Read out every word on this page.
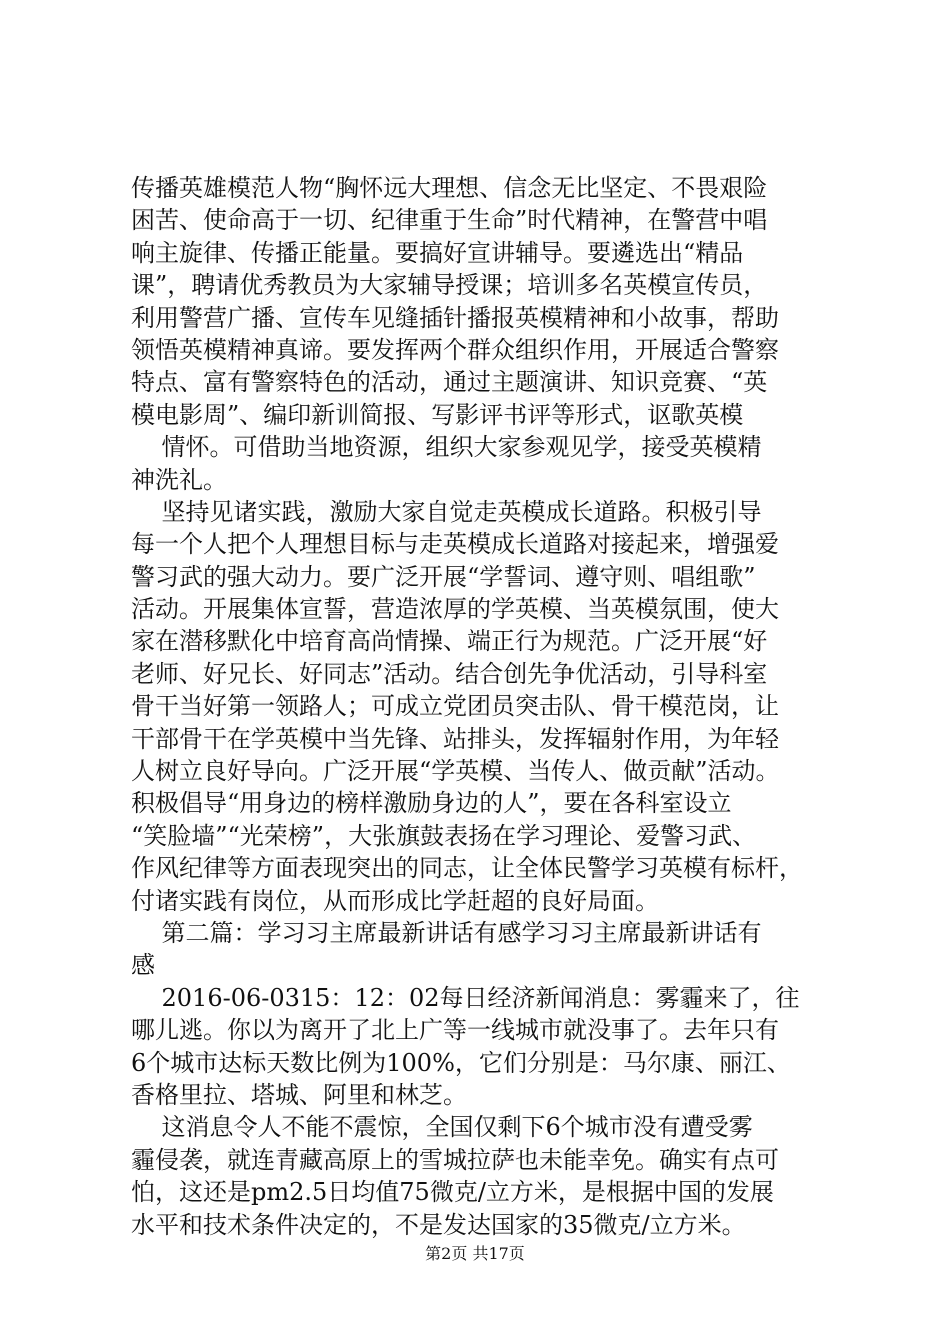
传播英雄模范人物“胸怀远大理想、信念无比坚定、不畏艰险
困苦、使命高于一切、纪律重于生命”时代精神，在警营中唱
响主旋律、传播正能量。要搞好宣讲辅导。要遴选出“精品
课”，聘请优秀教员为大家辅导授课；培训多名英模宣传员，
利用警营广播、宣传车见缝插针播报英模精神和小故事，帮助
领悟英模精神真谛。要发挥两个群众组织作用，开展适合警察
特点、富有警察特色的活动，通过主题演讲、知识竞赛、“英
模电影周”、编印新训简报、写影评书评等形式，讴歌英模
情怀。可借助当地资源，组织大家参观见学，接受英模精
神洗礼。
坚持见诸实践，激励大家自觉走英模成长道路。积极引导
每一个人把个人理想目标与走英模成长道路对接起来，增强爱
警习武的强大动力。要广泛开展“学誓词、遵守则、唱组歌”
活动。开展集体宣誓，营造浓厚的学英模、当英模氛围，使大
家在潜移默化中培育高尚情操、端正行为规范。广泛开展“好
老师、好兄长、好同志”活动。结合创先争优活动，引导科室
骨干当好第一领路人；可成立党团员突击队、骨干模范岗，让
干部骨干在学英模中当先锋、站排头，发挥辐射作用，为年轻
人树立良好导向。广泛开展“学英模、当传人、做贡献”活动。
积极倡导“用身边的榜样激励身边的人”，要在各科室设立
“笑脸墙”“光荣榜”，大张旗鼓表扬在学习理论、爱警习武、
作风纪律等方面表现突出的同志，让全体民警学习英模有标杆，
付诸实践有岗位，从而形成比学赶超的良好局面。
第二篇：学习习主席最新讲话有感学习习主席最新讲话有
感
2016-06-0315：12：02每日经济新闻消息：雾霾来了，往
哪儿逃。你以为离开了北上广等一线城市就没事了。去年只有
6个城市达标天数比例为100%，它们分别是：马尔康、丽江、
香格里拉、塔城、阿里和林芝。
这消息令人不能不震惊，全国仅剩下6个城市没有遭受雾
霾侵袭，就连青藏高原上的雪城拉萨也未能幸免。确实有点可
怕，这还是pm2.5日均值75微克/立方米，是根据中国的发展
水平和技术条件决定的，不是发达国家的35微克/立方米。
第2页 共17页
